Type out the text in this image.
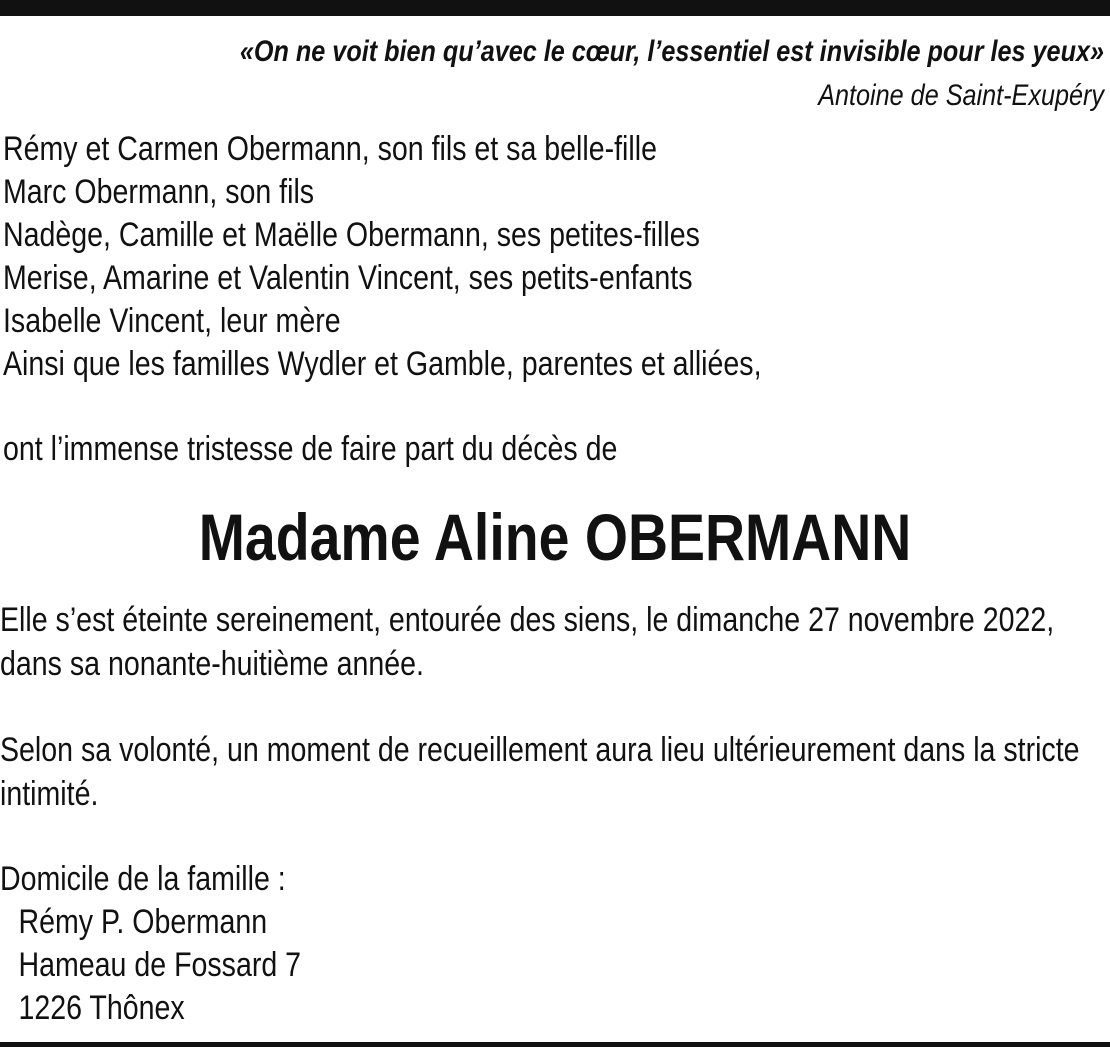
«On ne voit bien qu’avec le cœur, l’essentiel est invisible pour les yeux»
Antoine de Saint-Exupéry
Rémy et Carmen Obermann, son fils et sa belle-fille
Marc Obermann, son fils
Nadège, Camille et Maëlle Obermann, ses petites-filles
Merise, Amarine et Valentin Vincent, ses petits-enfants
Isabelle Vincent, leur mère
Ainsi que les familles Wydler et Gamble, parentes et alliées,
ont l’immense tristesse de faire part du décès de
Madame Aline OBERMANN

Elle s’est éteinte sereinement, entourée des siens, le dimanche 27 novembre 2022, dans sa nonante-huitième année.

Selon sa volonté, un moment de recueillement aura lieu ultérieurement dans la stricte intimité.

Domicile de la famille :
Rémy P. Obermann
Hameau de Fossard 7
1226 Thônex
